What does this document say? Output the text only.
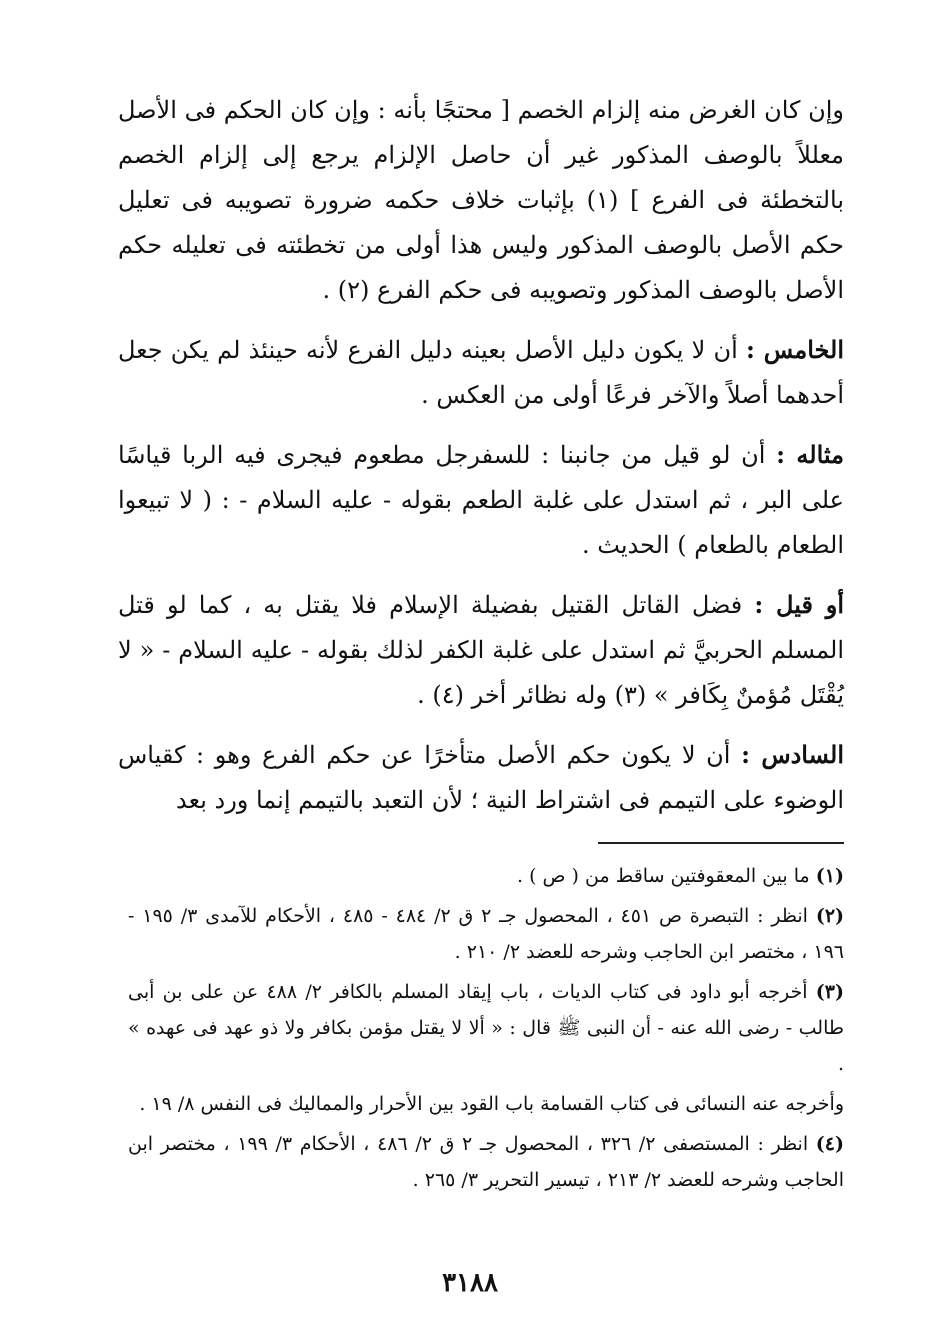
وإن كان الغرض منه إلزام الخصم [ محتجًا بأنه : وإن كان الحكم فى الأصل معللاً بالوصف المذكور غير أن حاصل الإلزام يرجع إلى إلزام الخصم بالتخطئة فى الفرع ] (١) بإثبات خلاف حكمه ضرورة تصويبه فى تعليل حكم الأصل بالوصف المذكور وليس هذا أولى من تخطئته فى تعليله حكم الأصل بالوصف المذكور وتصويبه فى حكم الفرع (٢) .

الخامس : أن لا يكون دليل الأصل بعينه دليل الفرع لأنه حينئذ لم يكن جعل أحدهما أصلاً والآخر فرعًا أولى من العكس .

مثاله : أن لو قيل من جانبنا : للسفرجل مطعوم فيجرى فيه الربا قياسًا على البر ، ثم استدل على غلبة الطعم بقوله - عليه السلام - : ( لا تبيعوا الطعام بالطعام ) الحديث .

أو قيل : فضل القاتل القتيل بفضيلة الإسلام فلا يقتل به ، كما لو قتل المسلم الحربيَّ ثم استدل على غلبة الكفر لذلك بقوله - عليه السلام - « لا يُقْتَل مُؤمنٌ بِكَافر » (٣) وله نظائر أخر (٤) .

السادس : أن لا يكون حكم الأصل متأخرًا عن حكم الفرع وهو : كقياس الوضوء على التيمم فى اشتراط النية ؛ لأن التعبد بالتيمم إنما ورد بعد

(١) ما بين المعقوفتين ساقط من ( ص ) .

(٢) انظر : التبصرة ص ٤٥١ ، المحصول جـ ٢ ق ٢/ ٤٨٤ - ٤٨٥ ، الأحكام للآمدى ٣/ ١٩٥ - ١٩٦ ، مختصر ابن الحاجب وشرحه للعضد ٢/ ٢١٠ .

(٣) أخرجه أبو داود فى كتاب الديات ، باب إيقاد المسلم بالكافر ٢/ ٤٨٨ عن على بن أبى طالب - رضى الله عنه - أن النبى ﷺ قال : « ألا لا يقتل مؤمن بكافر ولا ذو عهد فى عهده » .

وأخرجه عنه النسائى فى كتاب القسامة باب القود بين الأحرار والمماليك فى النفس ٨/ ١٩ .

(٤) انظر : المستصفى ٢/ ٣٢٦ ، المحصول جـ ٢ ق ٢/ ٤٨٦ ، الأحكام ٣/ ١٩٩ ، مختصر ابن الحاجب وشرحه للعضد ٢/ ٢١٣ ، تيسير التحرير ٣/ ٢٦٥ .

٣١٨٨
